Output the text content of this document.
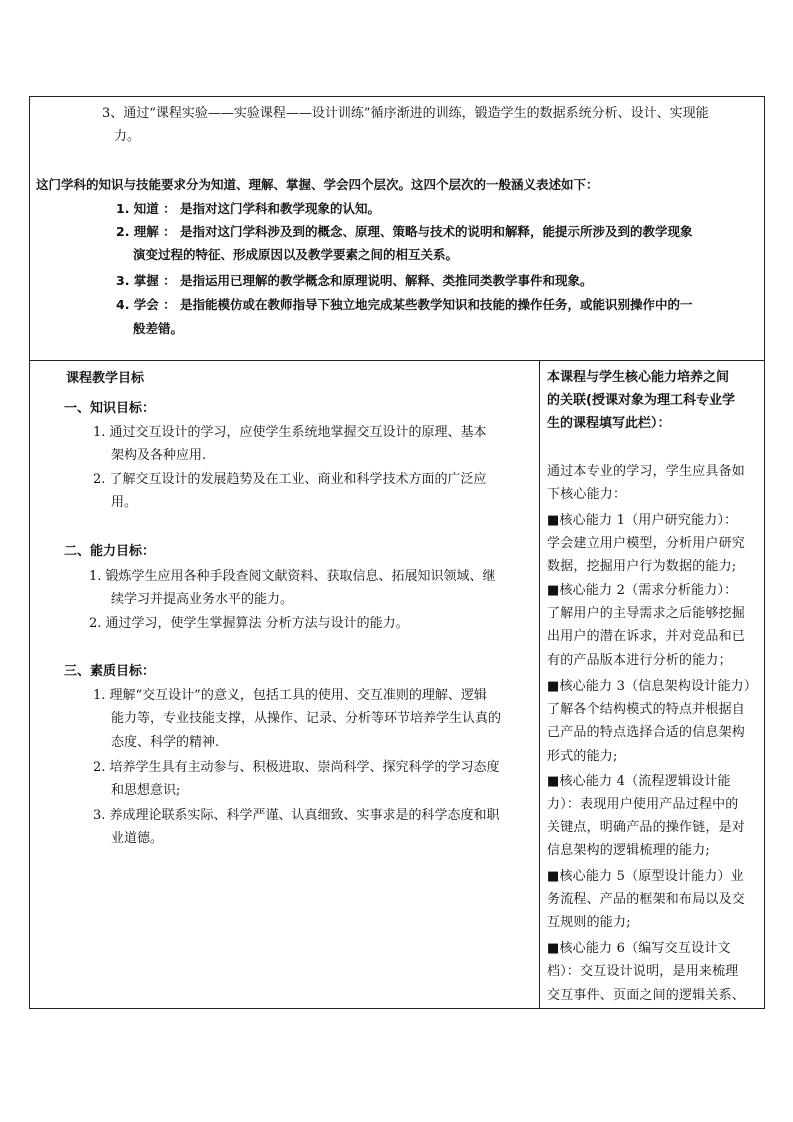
3、通过“课程实验——实验课程——设计训练”循序渐进的训练，锻造学生的数据系统分析、设计、实现能
力。
这门学科的知识与技能要求分为知道、理解、掌握、学会四个层次。这四个层次的一般涵义表述如下：
1. 知道 ： 是指对这门学科和教学现象的认知。
2. 理解 ： 是指对这门学科涉及到的概念、原理、策略与技术的说明和解释，能提示所涉及到的教学现象
演变过程的特征、形成原因以及教学要素之间的相互关系。
3. 掌握 ： 是指运用已理解的教学概念和原理说明、解释、类推同类教学事件和现象。
4. 学会 ： 是指能模仿或在教师指导下独立地完成某些教学知识和技能的操作任务，或能识别操作中的一
般差错。
课程教学目标
一、知识目标：
1. 通过交互设计的学习，应使学生系统地掌握交互设计的原理、基本
架构及各种应用.
2. 了解交互设计的发展趋势及在工业、商业和科学技术方面的广泛应
用。
二、能力目标：
1. 锻炼学生应用各种手段查阅文献资料、获取信息、拓展知识领域、继
续学习并提高业务水平的能力。
2. 通过学习，使学生掌握算法 分析方法与设计的能力。
三、素质目标：
1. 理解“交互设计”的意义，包括工具的使用、交互准则的理解、逻辑
能力等，专业技能支撑，从操作、记录、分析等环节培养学生认真的
态度、科学的精神.
2. 培养学生具有主动参与、积极进取、崇尚科学、探究科学的学习态度
和思想意识;
3. 养成理论联系实际、科学严谨、认真细致、实事求是的科学态度和职
业道德。
本课程与学生核心能力培养之间
的关联(授课对象为理工科专业学
生的课程填写此栏）：
通过本专业的学习，学生应具备如
下核心能力：
■核心能力 1（用户研究能力）：
学会建立用户模型，分析用户研究
数据，挖掘用户行为数据的能力;
■核心能力 2（需求分析能力）：
了解用户的主导需求之后能够挖掘
出用户的潜在诉求，并对竞品和已
有的产品版本进行分析的能力；
■核心能力 3（信息架构设计能力）
了解各个结构模式的特点并根据自
己产品的特点选择合适的信息架构
形式的能力;
■核心能力 4（流程逻辑设计能
力）：表现用户使用产品过程中的
关键点，明确产品的操作链，是对
信息架构的逻辑梳理的能力;
■核心能力 5（原型设计能力）业
务流程、产品的框架和布局以及交
互规则的能力;
■核心能力 6（编写交互设计文
档）：交互设计说明，是用来梳理
交互事件、页面之间的逻辑关系、
